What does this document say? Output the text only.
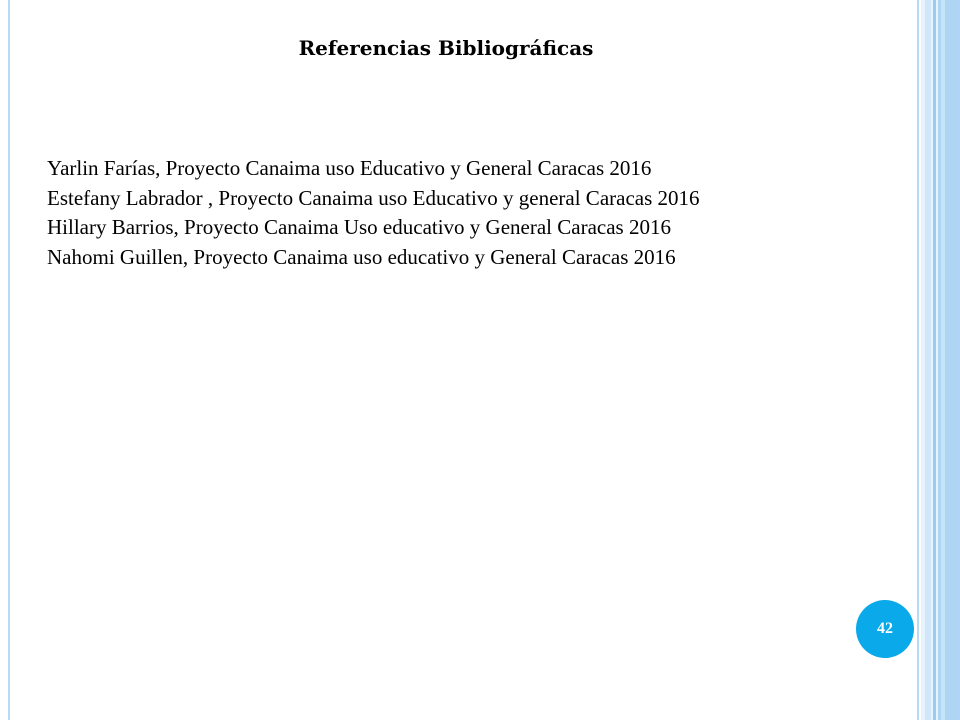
Referencias Bibliográficas
Yarlin Farías, Proyecto Canaima uso Educativo y General Caracas 2016
Estefany Labrador , Proyecto Canaima uso Educativo y general Caracas 2016
Hillary Barrios, Proyecto Canaima Uso educativo y General Caracas 2016
Nahomi Guillen, Proyecto Canaima uso educativo y General Caracas 2016
42
